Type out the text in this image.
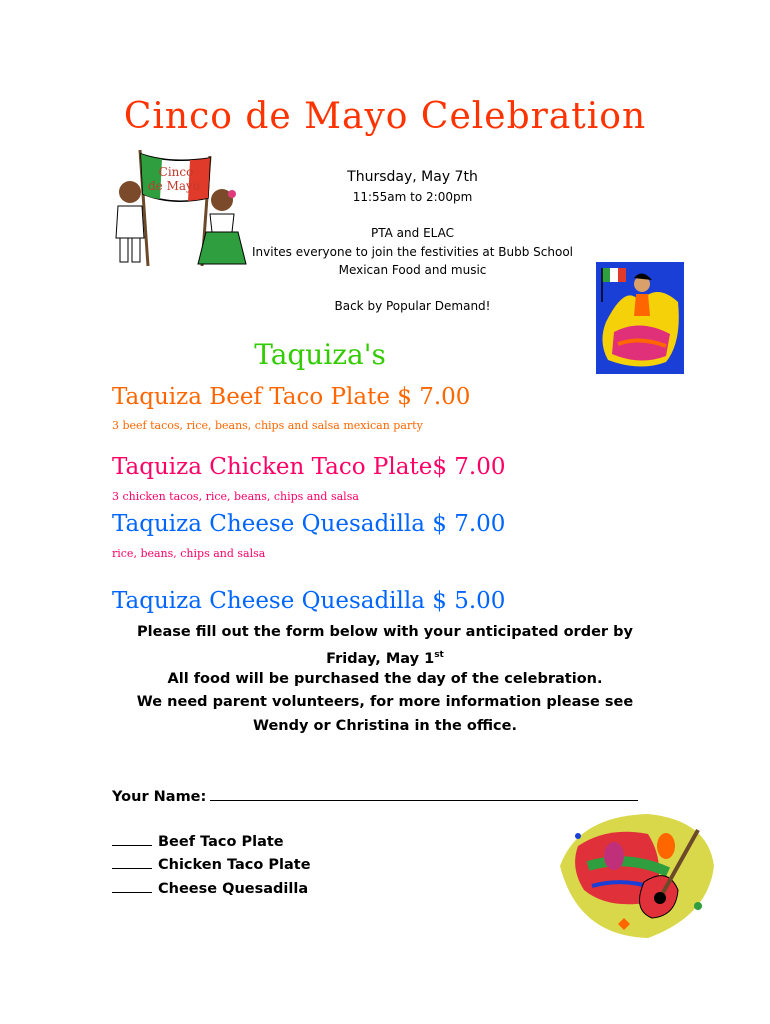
Cinco de Mayo Celebration
Cinco
de Mayo
Thursday, May 7th
11:55am to 2:00pm
PTA and ELAC
Invites everyone to join the festivities at Bubb School
Mexican Food and music
Back by Popular Demand!
Taquiza's
Taquiza Beef Taco Plate $ 7.00
3 beef tacos, rice, beans, chips and salsa mexican party
Taquiza Chicken Taco Plate$ 7.00
3 chicken tacos, rice, beans, chips and salsa
Taquiza Cheese Quesadilla $ 7.00
rice, beans, chips and salsa
Taquiza Cheese Quesadilla $ 5.00
Please fill out the form below with your anticipated order by
Friday, May 1st
All food will be purchased the day of the celebration.
We need parent volunteers, for more information please see
Wendy or Christina in the office.
Your Name:
Beef Taco Plate
Chicken Taco Plate
Cheese Quesadilla
